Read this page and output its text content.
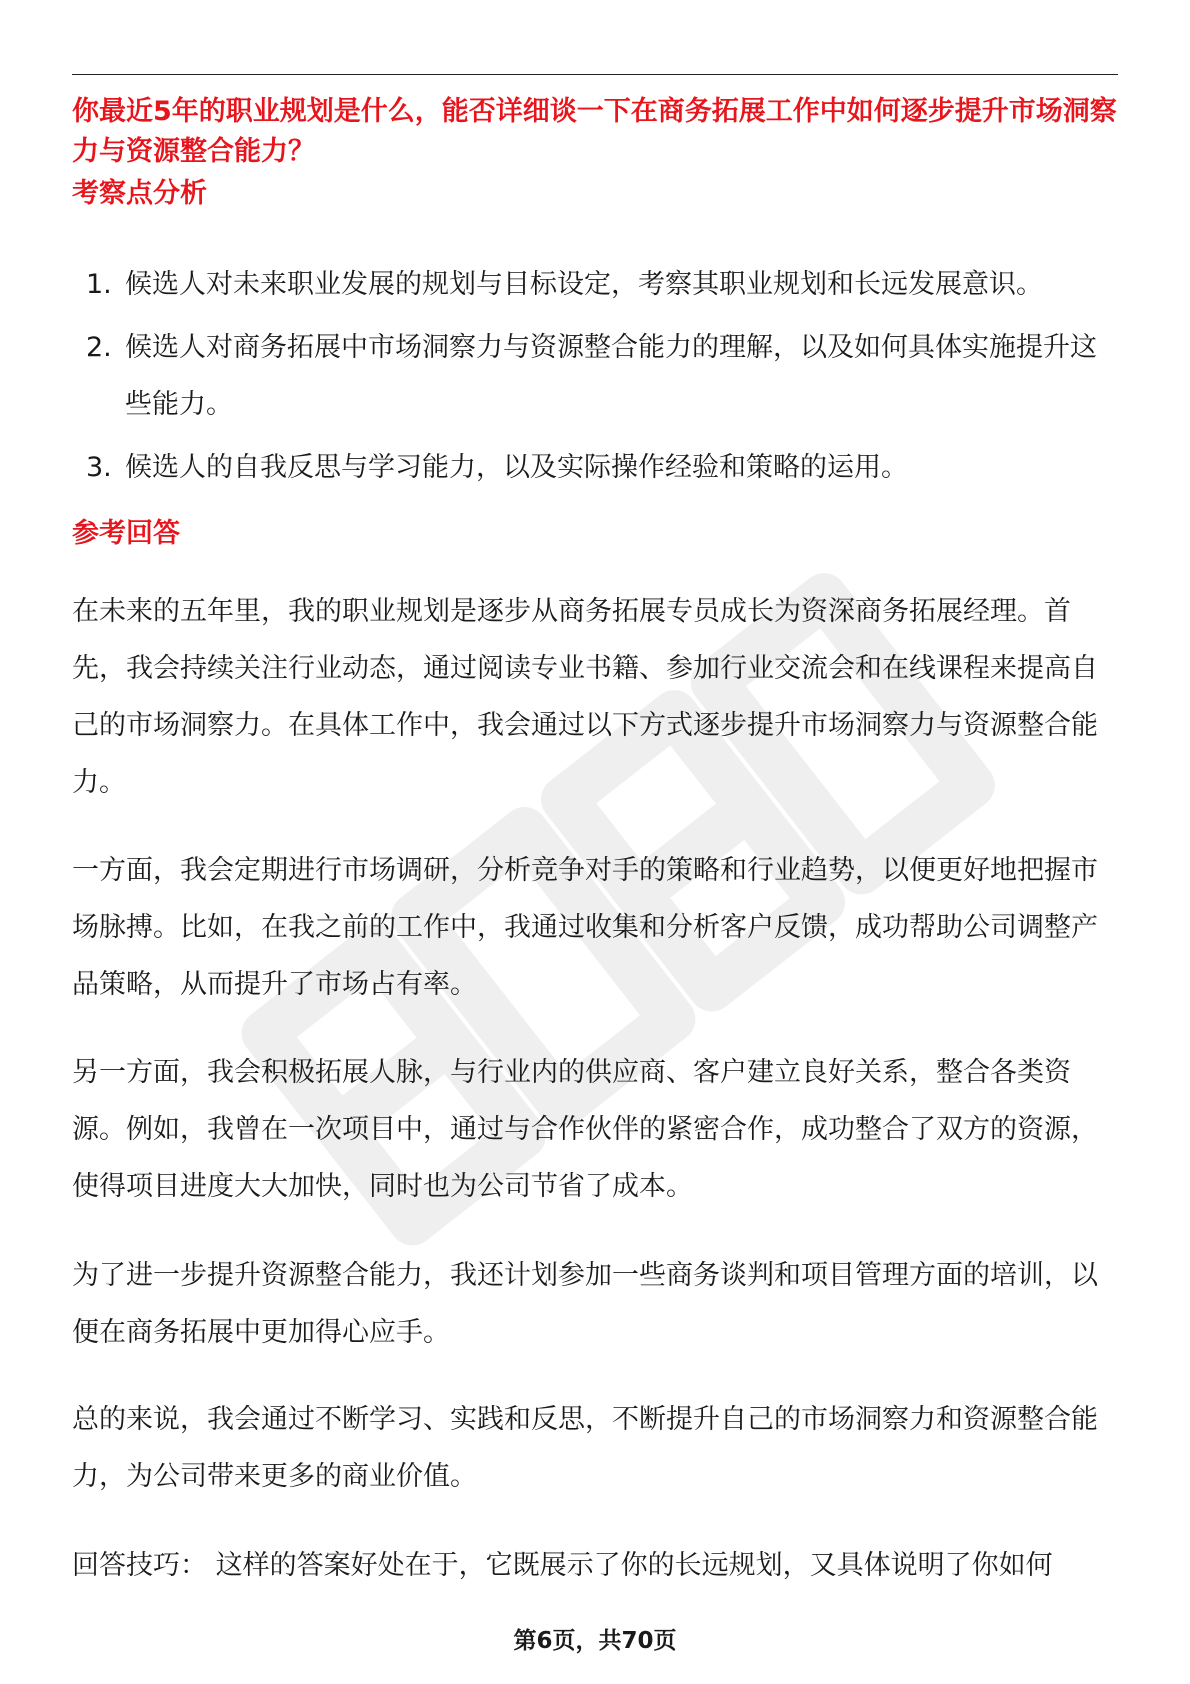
你最近5年的职业规划是什么，能否详细谈一下在商务拓展工作中如何逐步提升市场洞察力与资源整合能力？

考察点分析
1. 候选人对未来职业发展的规划与目标设定，考察其职业规划和长远发展意识。
2. 候选人对商务拓展中市场洞察力与资源整合能力的理解，以及如何具体实施提升这些能力。
3. 候选人的自我反思与学习能力，以及实际操作经验和策略的运用。
参考回答

在未来的五年里，我的职业规划是逐步从商务拓展专员成长为资深商务拓展经理。首先，我会持续关注行业动态，通过阅读专业书籍、参加行业交流会和在线课程来提高自己的市场洞察力。在具体工作中，我会通过以下方式逐步提升市场洞察力与资源整合能力。

一方面，我会定期进行市场调研，分析竞争对手的策略和行业趋势，以便更好地把握市场脉搏。比如，在我之前的工作中，我通过收集和分析客户反馈，成功帮助公司调整产品策略，从而提升了市场占有率。

另一方面，我会积极拓展人脉，与行业内的供应商、客户建立良好关系，整合各类资源。例如，我曾在一次项目中，通过与合作伙伴的紧密合作，成功整合了双方的资源，使得项目进度大大加快，同时也为公司节省了成本。

为了进一步提升资源整合能力，我还计划参加一些商务谈判和项目管理方面的培训，以便在商务拓展中更加得心应手。

总的来说，我会通过不断学习、实践和反思，不断提升自己的市场洞察力和资源整合能力，为公司带来更多的商业价值。

回答技巧： 这样的答案好处在于，它既展示了你的长远规划，又具体说明了你如何

第6页，共70页
